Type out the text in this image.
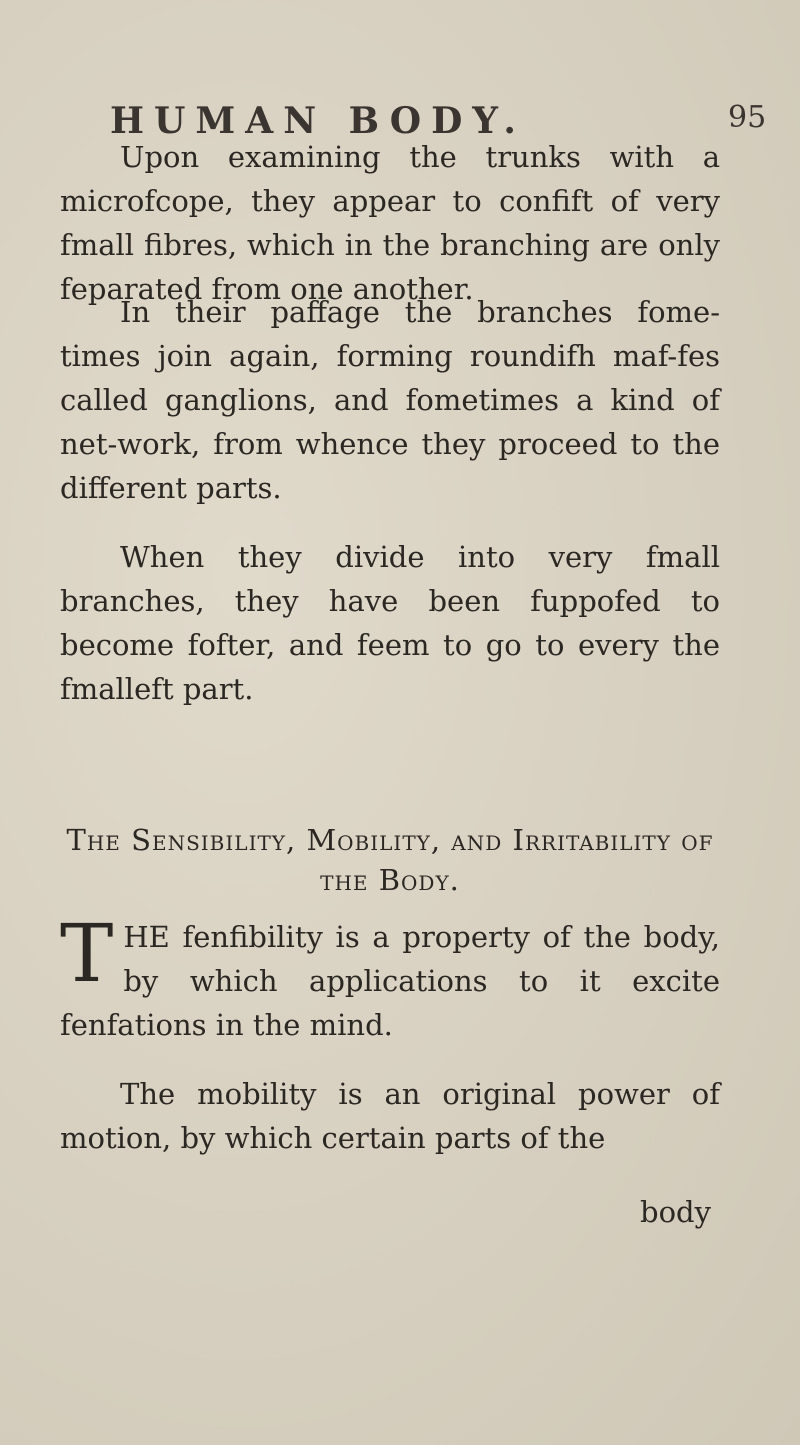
HUMAN BODY.	95

Upon examining the trunks with a microfcope, they appear to confift of very fmall fibres, which in the branching are only feparated from one another.

In their paffage the branches fome-times join again, forming roundifh maf-fes called ganglions, and fometimes a kind of net-work, from whence they proceed to the different parts.

When they divide into very fmall branches, they have been fuppofed to become fofter, and feem to go to every the fmalleft part.

The Sensibility, Mobility, and Irritability of the Body.
T HE fenfibility is a property of the body, by which applications to it excite fenfations in the mind.

The mobility is an original power of motion, by which certain parts of the

body
